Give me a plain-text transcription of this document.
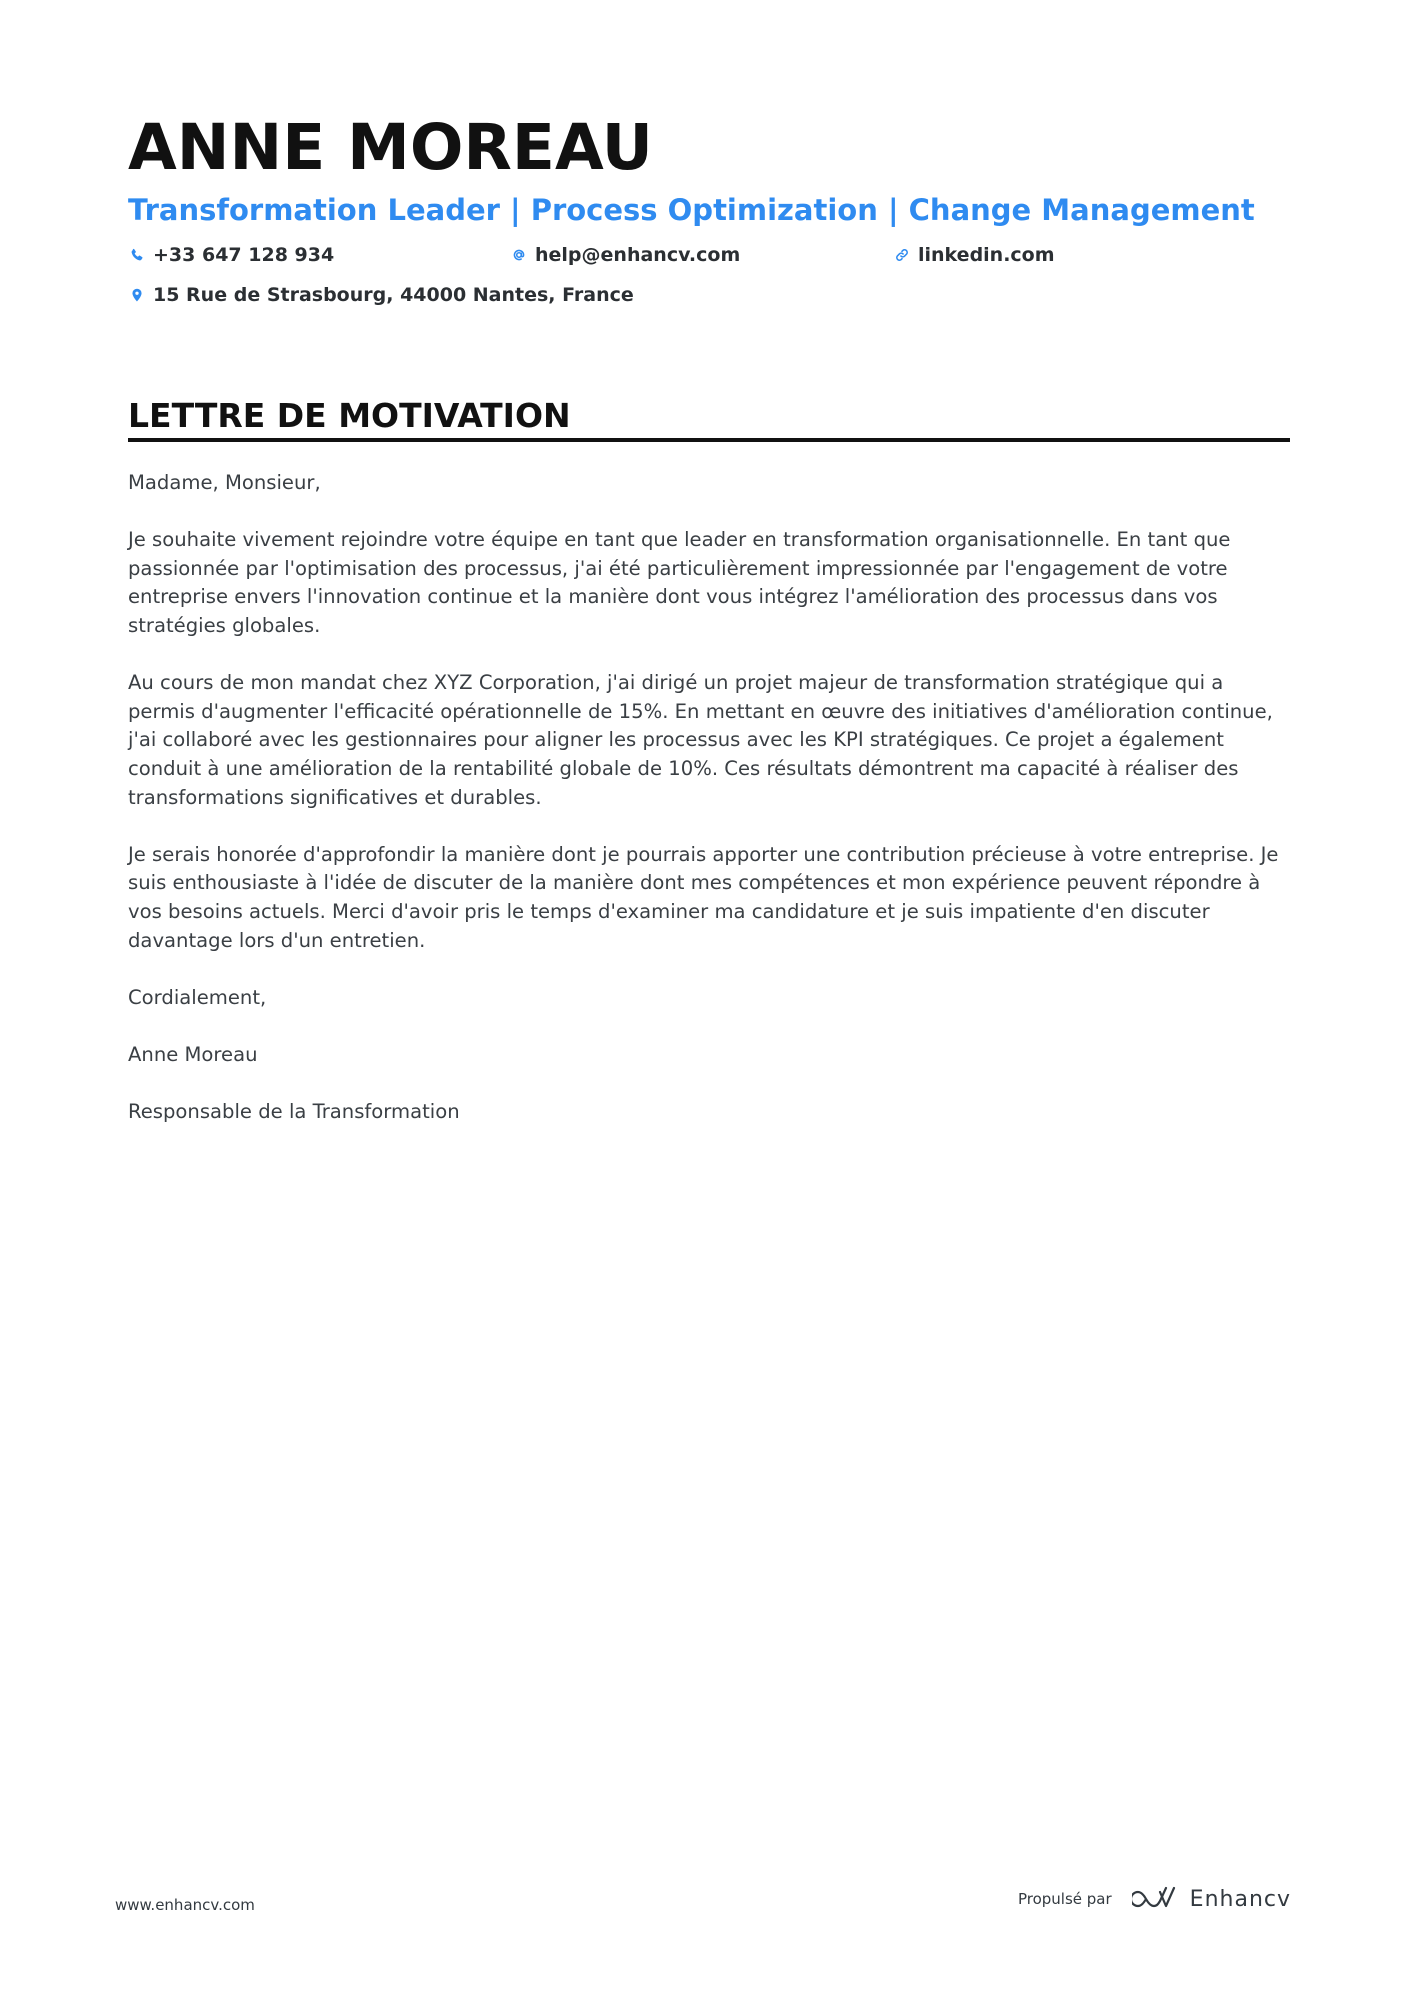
ANNE MOREAU
Transformation Leader | Process Optimization | Change Management
+33 647 128 934	help@enhancv.com	linkedin.com
15 Rue de Strasbourg, 44000 Nantes, France
LETTRE DE MOTIVATION

Madame, Monsieur,

Je souhaite vivement rejoindre votre équipe en tant que leader en transformation organisationnelle. En tant que passionnée par l'optimisation des processus, j'ai été particulièrement impressionnée par l'engagement de votre entreprise envers l'innovation continue et la manière dont vous intégrez l'amélioration des processus dans vos stratégies globales.

Au cours de mon mandat chez XYZ Corporation, j'ai dirigé un projet majeur de transformation stratégique qui a permis d'augmenter l'efficacité opérationnelle de 15%. En mettant en œuvre des initiatives d'amélioration continue, j'ai collaboré avec les gestionnaires pour aligner les processus avec les KPI stratégiques. Ce projet a également conduit à une amélioration de la rentabilité globale de 10%. Ces résultats démontrent ma capacité à réaliser des transformations significatives et durables.

Je serais honorée d'approfondir la manière dont je pourrais apporter une contribution précieuse à votre entreprise. Je suis enthousiaste à l'idée de discuter de la manière dont mes compétences et mon expérience peuvent répondre à vos besoins actuels. Merci d'avoir pris le temps d'examiner ma candidature et je suis impatiente d'en discuter davantage lors d'un entretien.

Cordialement,

Anne Moreau

Responsable de la Transformation

www.enhancv.com	Propulsé par	Enhancv
